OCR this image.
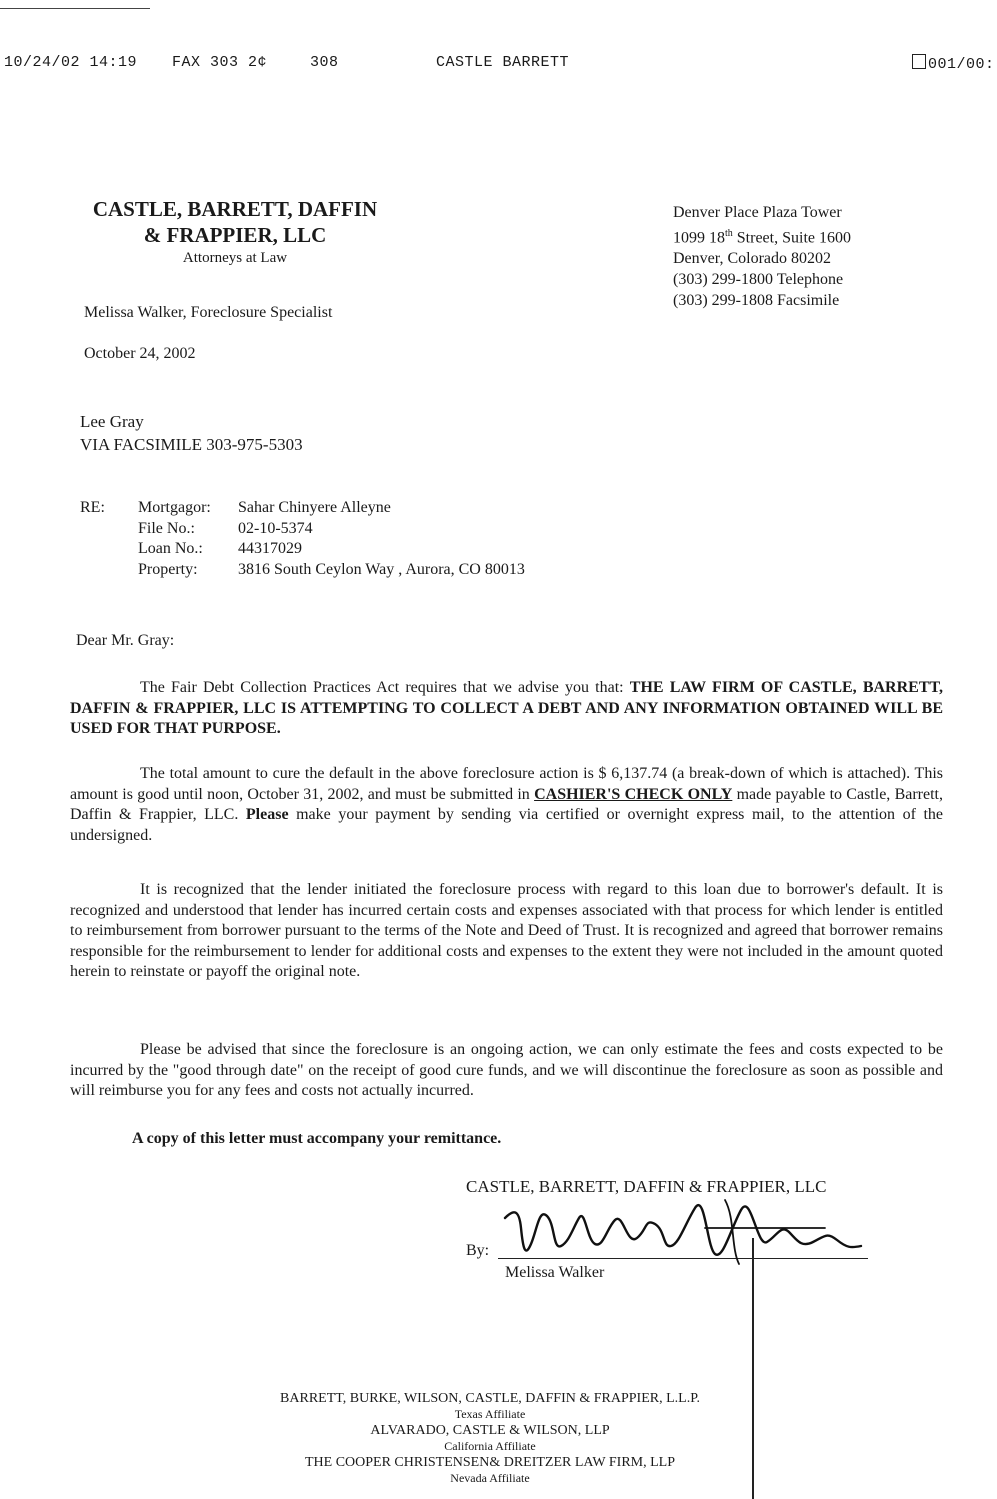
10/24/02 14:19 FAX 303 2¢	308	CASTLE BARRETT	001/00:
CASTLE, BARRETT, DAFFIN
& FRAPPIER, LLC
Attorneys at Law
Denver Place Plaza Tower
1099 18th Street, Suite 1600
Denver, Colorado 80202
(303) 299-1800 Telephone
(303) 299-1808 Facsimile
Melissa Walker, Foreclosure Specialist
October 24, 2002
Lee Gray
VIA FACSIMILE 303-975-5303
RE:	Mortgagor:	Sahar Chinyere Alleyne
File No.:	02-10-5374
Loan No.:	44317029
Property:	3816 South Ceylon Way , Aurora, CO 80013
Dear Mr. Gray:
The Fair Debt Collection Practices Act requires that we advise you that: THE LAW FIRM OF CASTLE, BARRETT, DAFFIN & FRAPPIER, LLC IS ATTEMPTING TO COLLECT A DEBT AND ANY INFORMATION OBTAINED WILL BE USED FOR THAT PURPOSE.
The total amount to cure the default in the above foreclosure action is $ 6,137.74 (a break-down of which is attached). This amount is good until noon, October 31, 2002, and must be submitted in CASHIER'S CHECK ONLY made payable to Castle, Barrett, Daffin & Frappier, LLC. Please make your payment by sending via certified or overnight express mail, to the attention of the undersigned.
It is recognized that the lender initiated the foreclosure process with regard to this loan due to borrower's default. It is recognized and understood that lender has incurred certain costs and expenses associated with that process for which lender is entitled to reimbursement from borrower pursuant to the terms of the Note and Deed of Trust. It is recognized and agreed that borrower remains responsible for the reimbursement to lender for additional costs and expenses to the extent they were not included in the amount quoted herein to reinstate or payoff the original note.
Please be advised that since the foreclosure is an ongoing action, we can only estimate the fees and costs expected to be incurred by the "good through date" on the receipt of good cure funds, and we will discontinue the foreclosure as soon as possible and will reimburse you for any fees and costs not actually incurred.
A copy of this letter must accompany your remittance.
CASTLE, BARRETT, DAFFIN & FRAPPIER, LLC
By:
Melissa Walker
BARRETT, BURKE, WILSON, CASTLE, DAFFIN & FRAPPIER, L.L.P.
Texas Affiliate
ALVARADO, CASTLE & WILSON, LLP
California Affiliate
THE COOPER CHRISTENSEN& DREITZER LAW FIRM, LLP
Nevada Affiliate
